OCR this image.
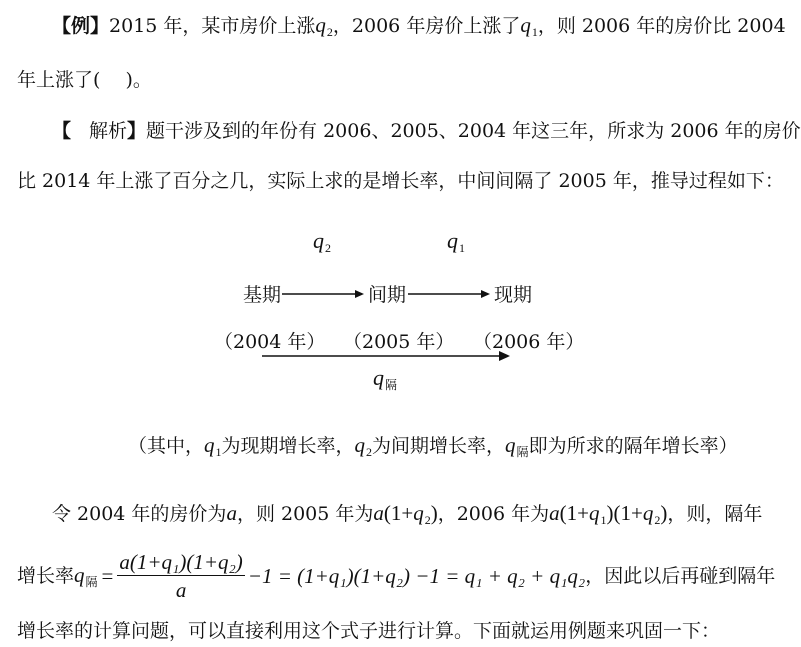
【例】2015 年，某市房价上涨$q_2$，2006 年房价上涨了$q_1$，则 2006 年的房价比 2004
年上涨了(　 )。
【 解析】题干涉及到的年份有 2006、2005、2004 年这三年，所求为 2006 年的房价
比 2014 年上涨了百分之几，实际上求的是增长率，中间间隔了 2005 年，推导过程如下：
$q_2$	$q_1$
基期	间期	现期
（2004 年） （2005 年） （2006 年）
$q_隔$
（其中，$q_1$为现期增长率，$q_2$为间期增长率，$q_隔$即为所求的隔年增长率）
令 2004 年的房价为a，则 2005 年为$a(1+q_2)$，2006 年为$a(1+q_1)(1+q_2)$，则，隔年
增长率$q_隔 = \frac{\text{a(1+q₁)(1+q₂)}}{a} -1 = (1+q_1)(1+q_2) -1 = q_1 + q_2 + q_1q_2$，因此以后再碰到隔年
增长率的计算问题，可以直接利用这个式子进行计算。下面就运用例题来巩固一下：
